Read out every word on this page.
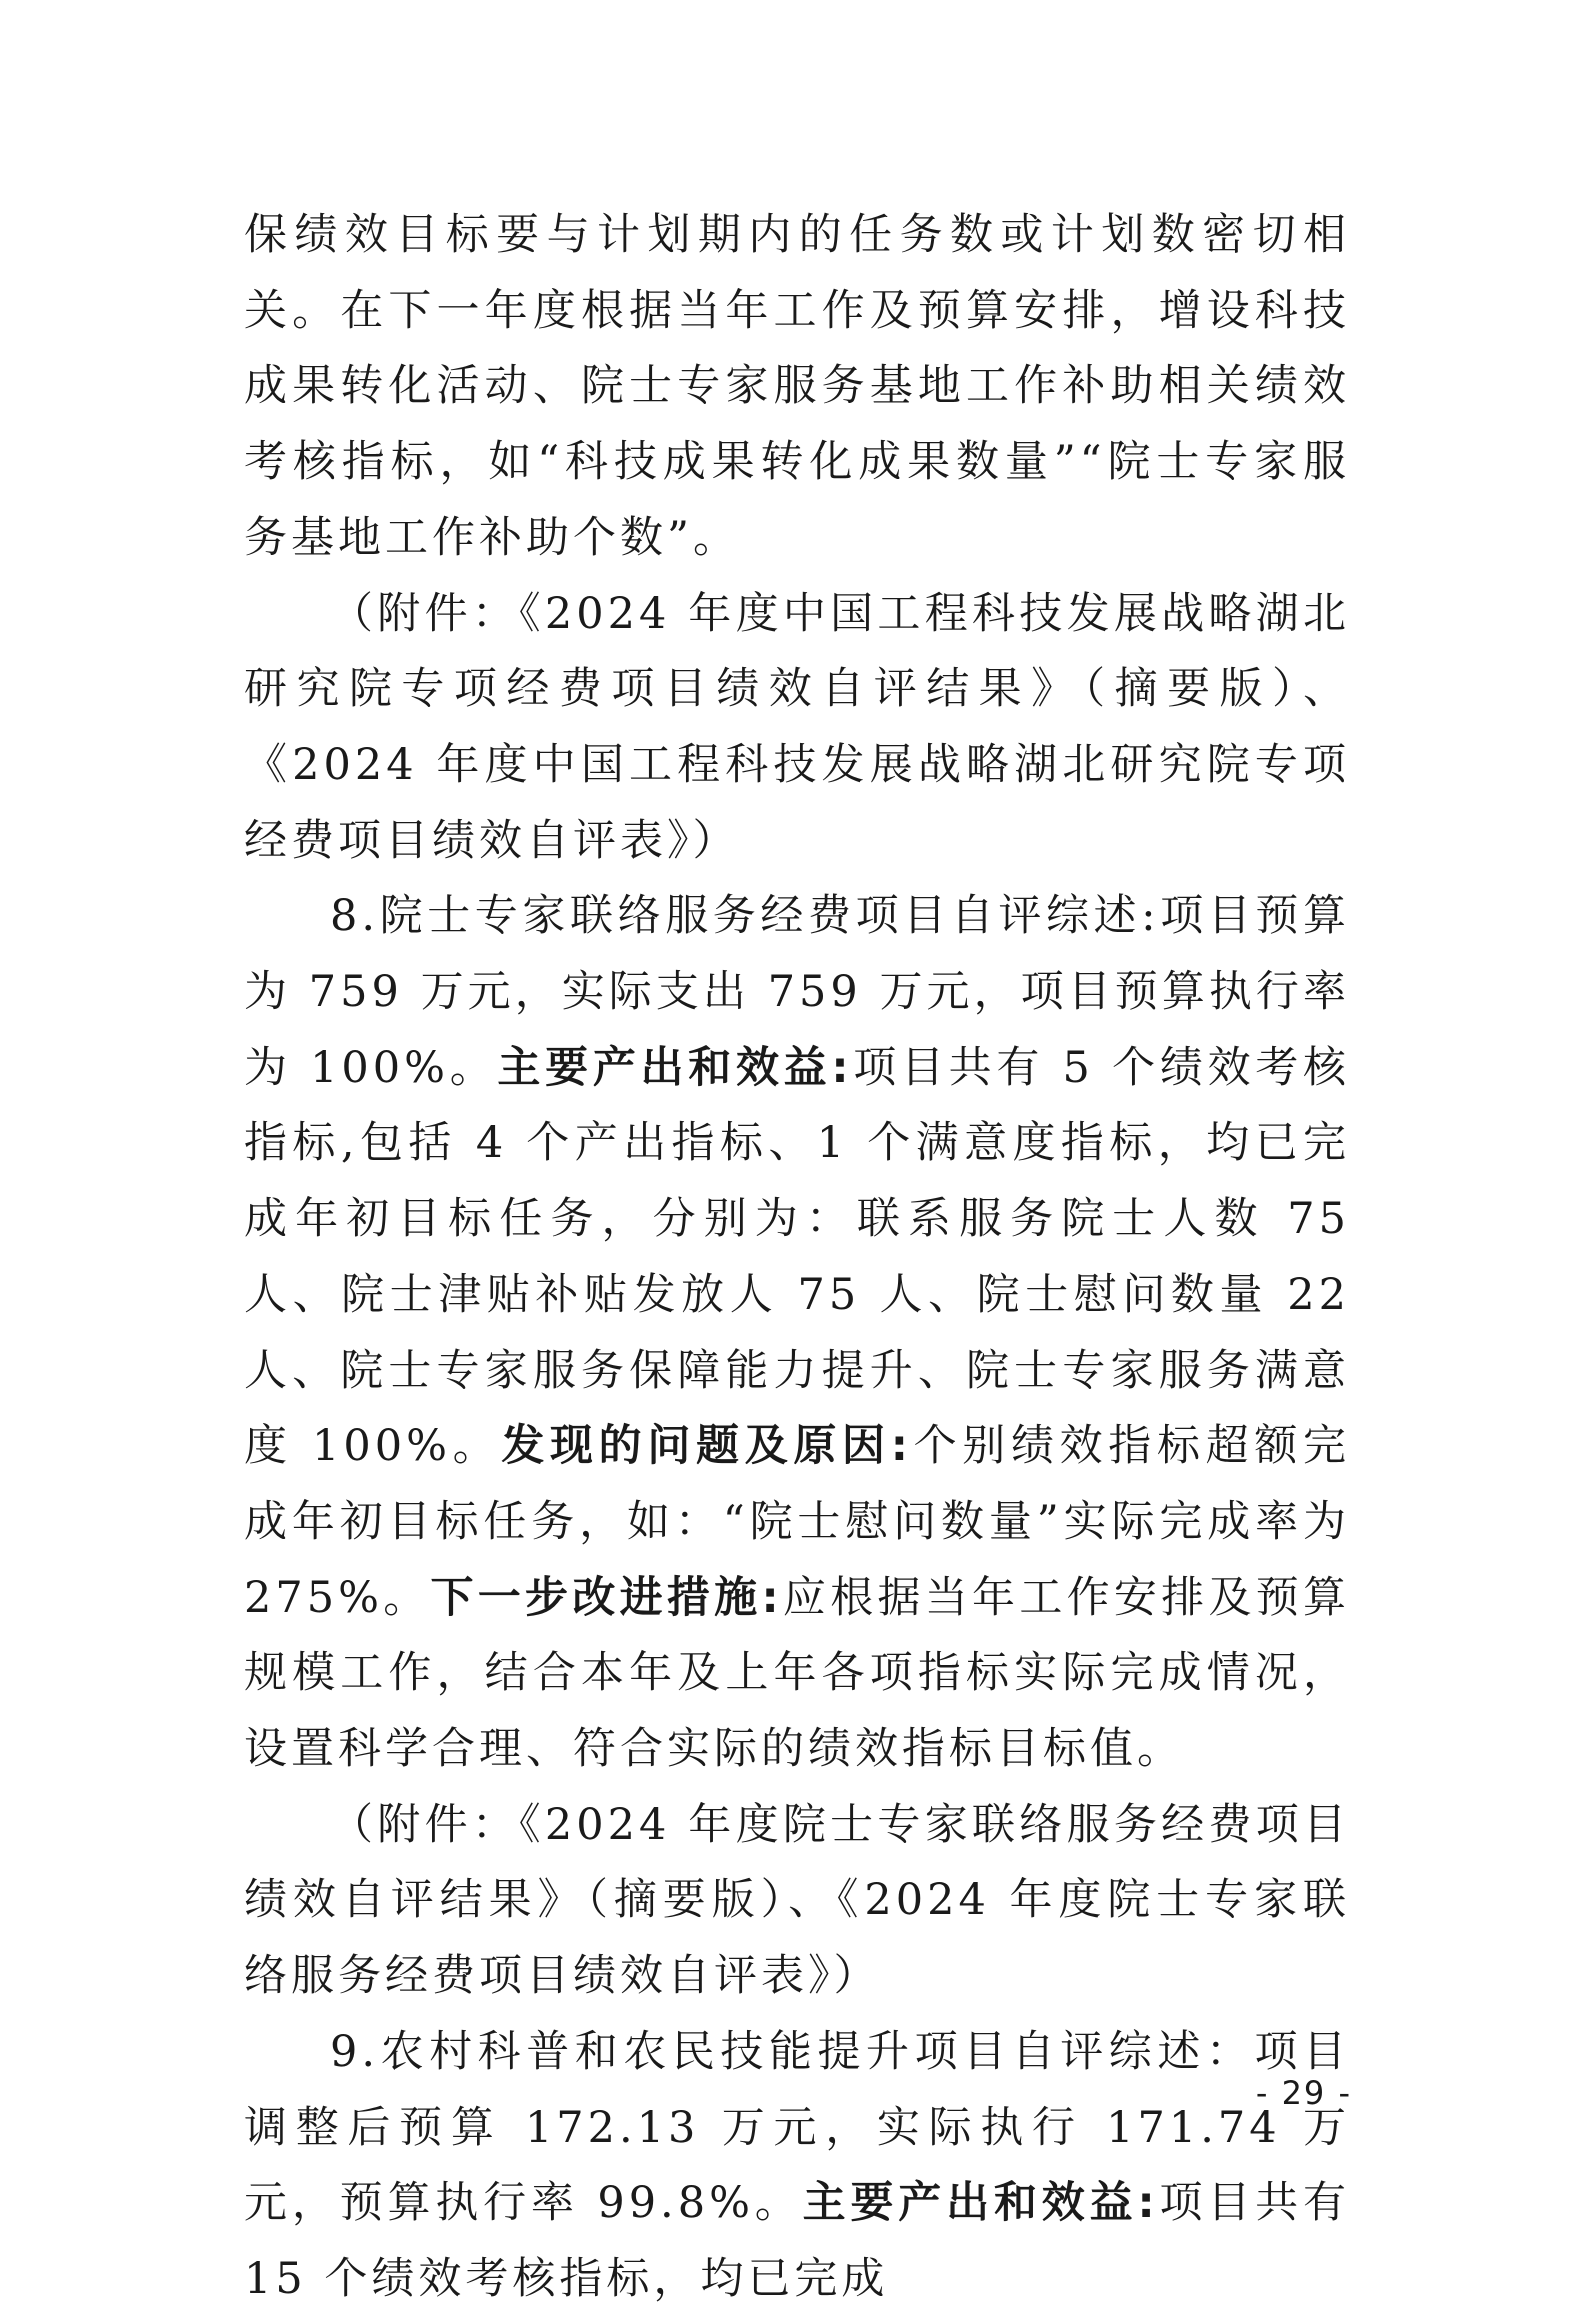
保绩效目标要与计划期内的任务数或计划数密切相关。在下一年度根据当年工作及预算安排，增设科技成果转化活动、院士专家服务基地工作补助相关绩效考核指标，如“科技成果转化成果数量”“院士专家服务基地工作补助个数”。

（附件：《2024 年度中国工程科技发展战略湖北研究院专项经费项目绩效自评结果》（摘要版）、《2024 年度中国工程科技发展战略湖北研究院专项经费项目绩效自评表》）

8.院士专家联络服务经费项目自评综述:项目预算为 759 万元，实际支出 759 万元，项目预算执行率为 100%。主要产出和效益:项目共有 5 个绩效考核指标,包括 4 个产出指标、1 个满意度指标，均已完成年初目标任务，分别为：联系服务院士人数 75 人、院士津贴补贴发放人 75 人、院士慰问数量 22 人、院士专家服务保障能力提升、院士专家服务满意度 100%。发现的问题及原因:个别绩效指标超额完成年初目标任务，如：“院士慰问数量”实际完成率为 275%。下一步改进措施:应根据当年工作安排及预算规模工作，结合本年及上年各项指标实际完成情况，设置科学合理、符合实际的绩效指标目标值。

（附件：《2024 年度院士专家联络服务经费项目绩效自评结果》（摘要版）、《2024 年度院士专家联络服务经费项目绩效自评表》）

9.农村科普和农民技能提升项目自评综述：项目调整后预算 172.13 万元，实际执行 171.74 万元，预算执行率 99.8%。主要产出和效益:项目共有 15 个绩效考核指标，均已完成

- 29 -
